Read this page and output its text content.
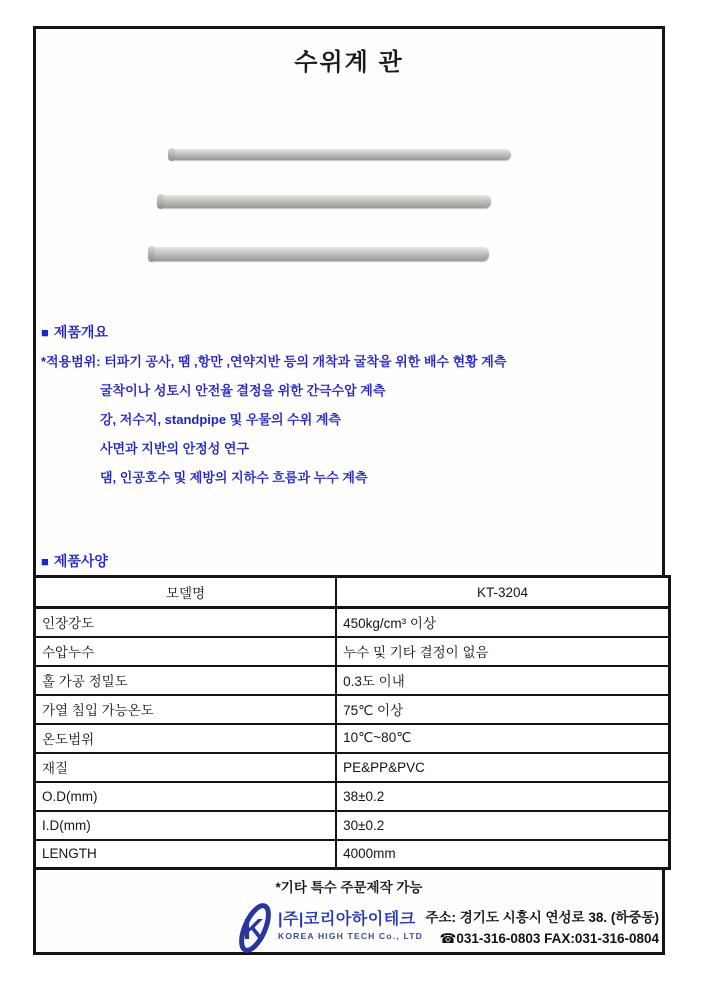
수위계 관
■ 제품개요
*적용범위: 터파기 공사, 땜 ,항만 ,연약지반 등의 개착과 굴착을 위한 배수 현황 계측
굴착이나 성토시 안전율 결정을 위한 간극수압 계측
강, 저수지, standpipe 및 우물의 수위 계측
사면과 지반의 안정성 연구
댐, 인공호수 및 제방의 지하수 흐름과 누수 계측
■ 제품사양
모델명	KT-3204
인장강도	450kg/cm³ 이상
수압누수	누수 및 기타 결정이 없음
홀 가공 정밀도	0.3도 이내
가열 침입 가능온도	75℃ 이상
온도범위	10℃~80℃
재질	PE&PP&PVC
O.D(mm)	38±0.2
I.D(mm)	30±0.2
LENGTH	4000mm
*기타 특수 주문제작 가능
K |주|코리아하이테크
KOREA HIGH TECH Co., LTD
주소: 경기도 시흥시 연성로 38. (하중동)
☎031-316-0803 FAX:031-316-0804
